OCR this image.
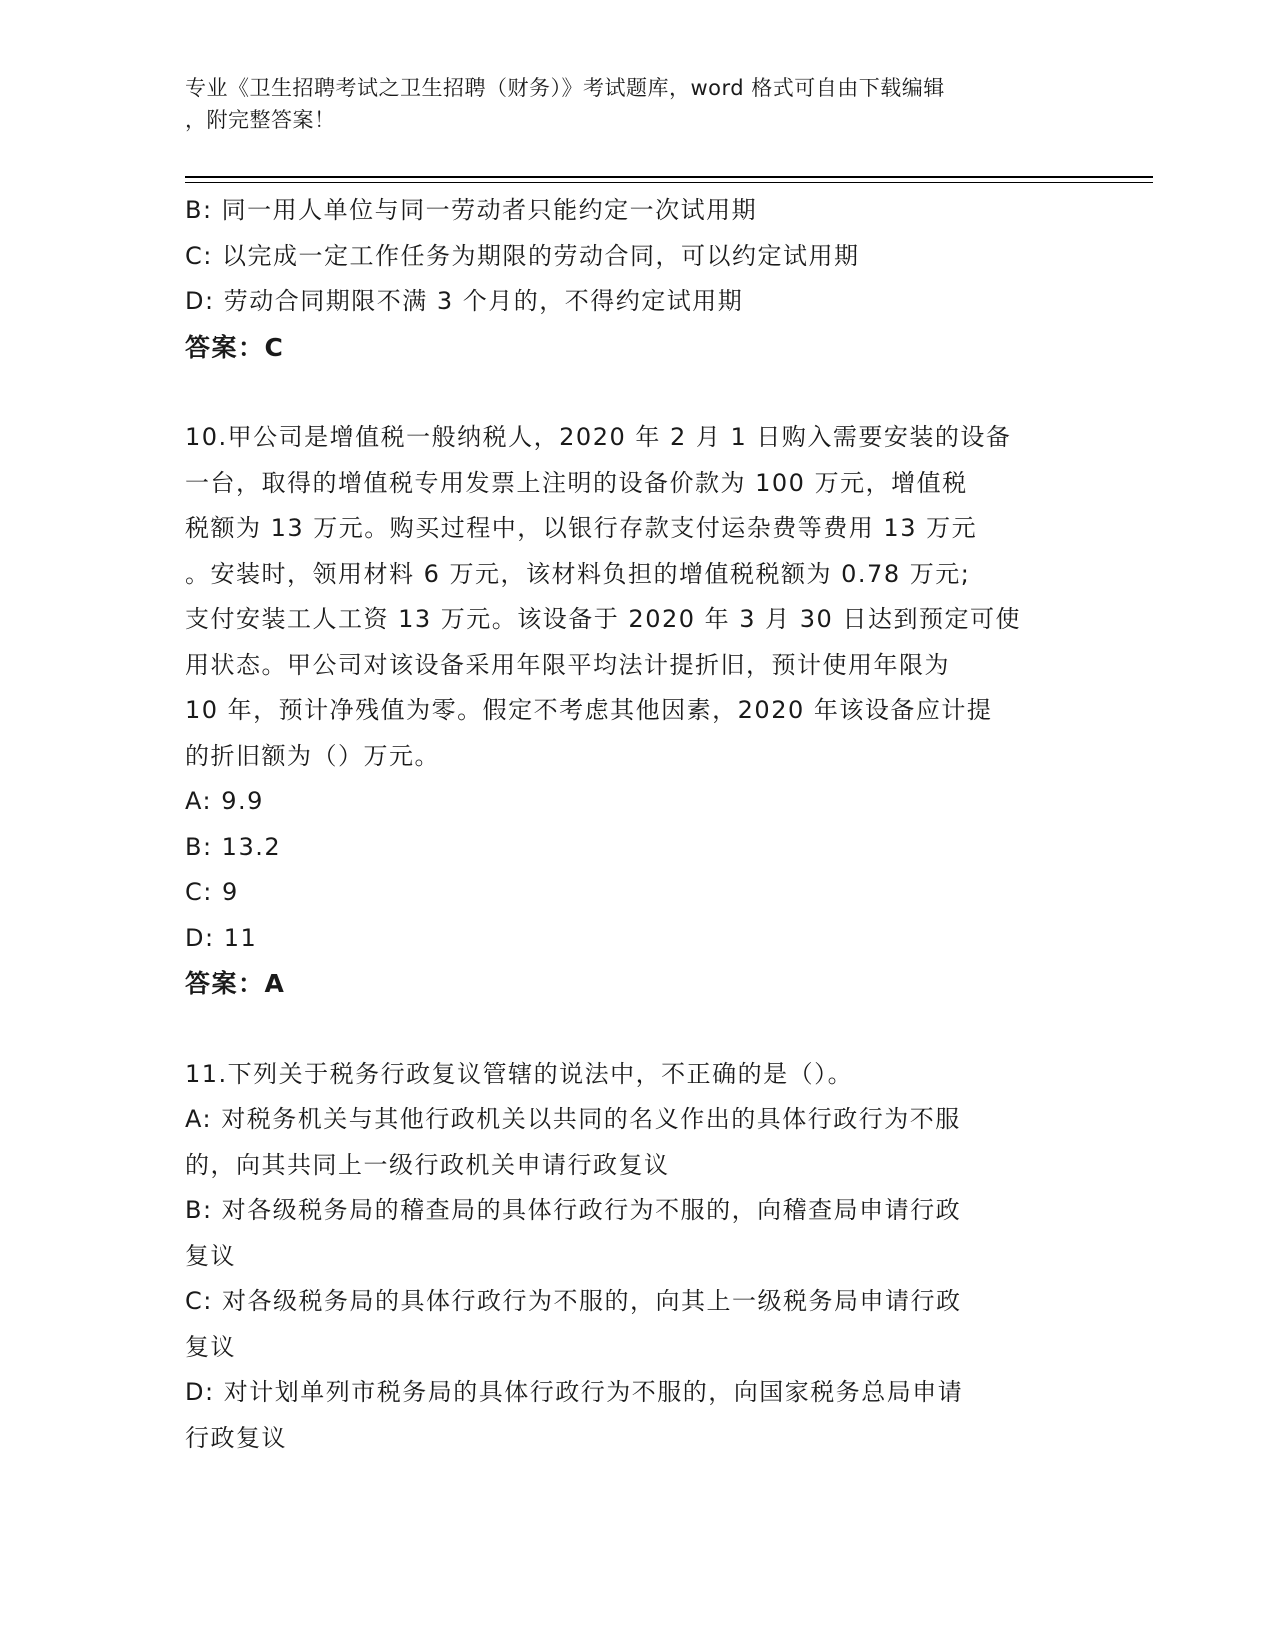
专业《卫生招聘考试之卫生招聘（财务）》考试题库，word 格式可自由下载编辑
，附完整答案！
B: 同一用人单位与同一劳动者只能约定一次试用期
C: 以完成一定工作任务为期限的劳动合同，可以约定试用期
D: 劳动合同期限不满 3 个月的，不得约定试用期
答案：C
10.甲公司是增值税一般纳税人，2020 年 2 月 1 日购入需要安装的设备
一台，取得的增值税专用发票上注明的设备价款为 100 万元，增值税
税额为 13 万元。购买过程中，以银行存款支付运杂费等费用 13 万元
。安装时，领用材料 6 万元，该材料负担的增值税税额为 0.78 万元;
支付安装工人工资 13 万元。该设备于 2020 年 3 月 30 日达到预定可使
用状态。甲公司对该设备采用年限平均法计提折旧，预计使用年限为
10 年，预计净残值为零。假定不考虑其他因素，2020 年该设备应计提
的折旧额为（）万元。
A: 9.9
B: 13.2
C: 9
D: 11
答案：A
11.下列关于税务行政复议管辖的说法中，不正确的是（）。
A: 对税务机关与其他行政机关以共同的名义作出的具体行政行为不服
的，向其共同上一级行政机关申请行政复议
B: 对各级税务局的稽查局的具体行政行为不服的，向稽查局申请行政
复议
C: 对各级税务局的具体行政行为不服的，向其上一级税务局申请行政
复议
D: 对计划单列市税务局的具体行政行为不服的，向国家税务总局申请
行政复议
